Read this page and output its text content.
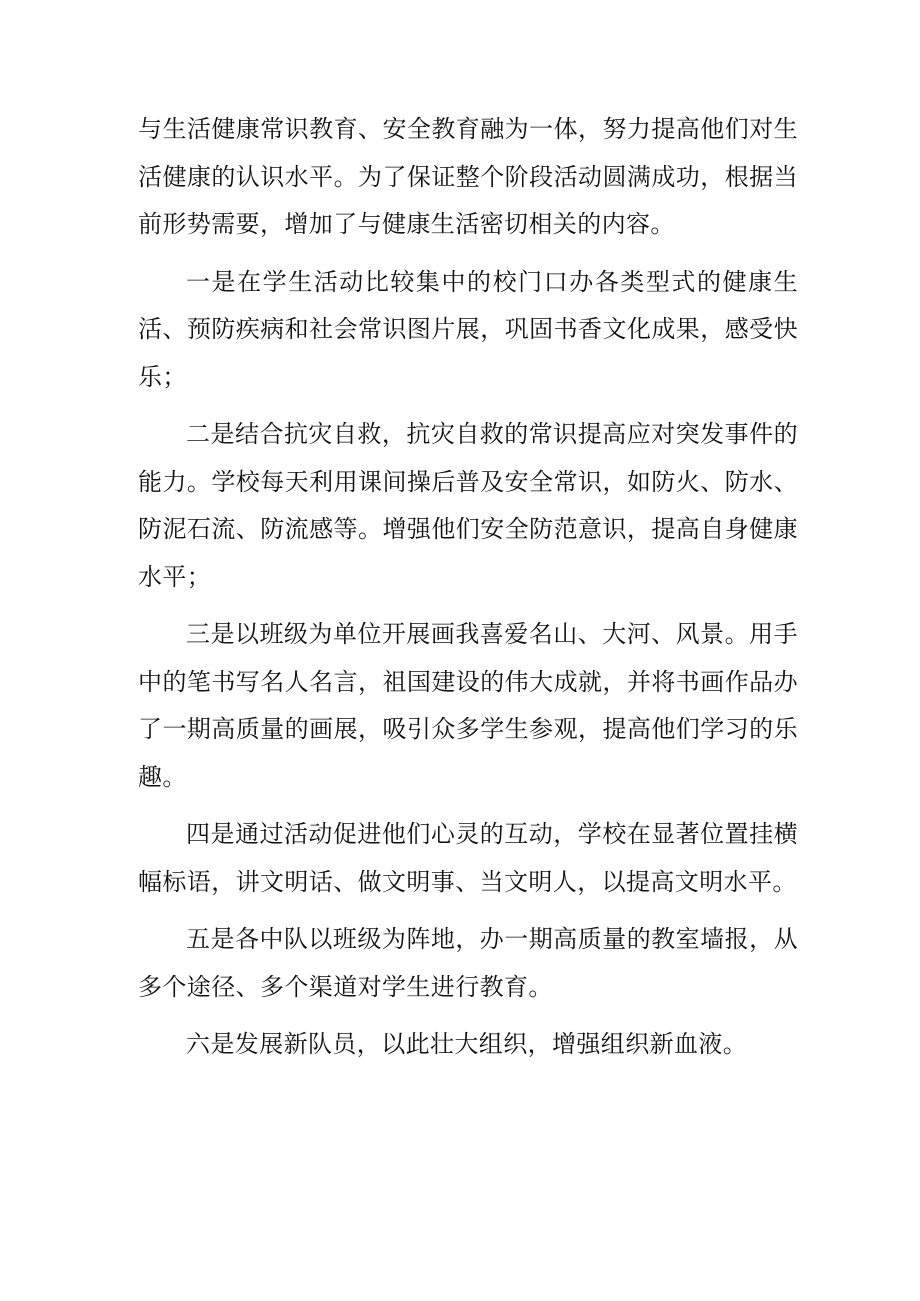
与生活健康常识教育、安全教育融为一体，努力提高他们对生活健康的认识水平。为了保证整个阶段活动圆满成功，根据当前形势需要，增加了与健康生活密切相关的内容。

一是在学生活动比较集中的校门口办各类型式的健康生活、预防疾病和社会常识图片展，巩固书香文化成果，感受快乐；

二是结合抗灾自救，抗灾自救的常识提高应对突发事件的能力。学校每天利用课间操后普及安全常识，如防火、防水、防泥石流、防流感等。增强他们安全防范意识，提高自身健康水平；

三是以班级为单位开展画我喜爱名山、大河、风景。用手中的笔书写名人名言，祖国建设的伟大成就，并将书画作品办了一期高质量的画展，吸引众多学生参观，提高他们学习的乐趣。

四是通过活动促进他们心灵的互动，学校在显著位置挂横幅标语，讲文明话、做文明事、当文明人，以提高文明水平。

五是各中队以班级为阵地，办一期高质量的教室墙报，从多个途径、多个渠道对学生进行教育。

六是发展新队员，以此壮大组织，增强组织新血液。
